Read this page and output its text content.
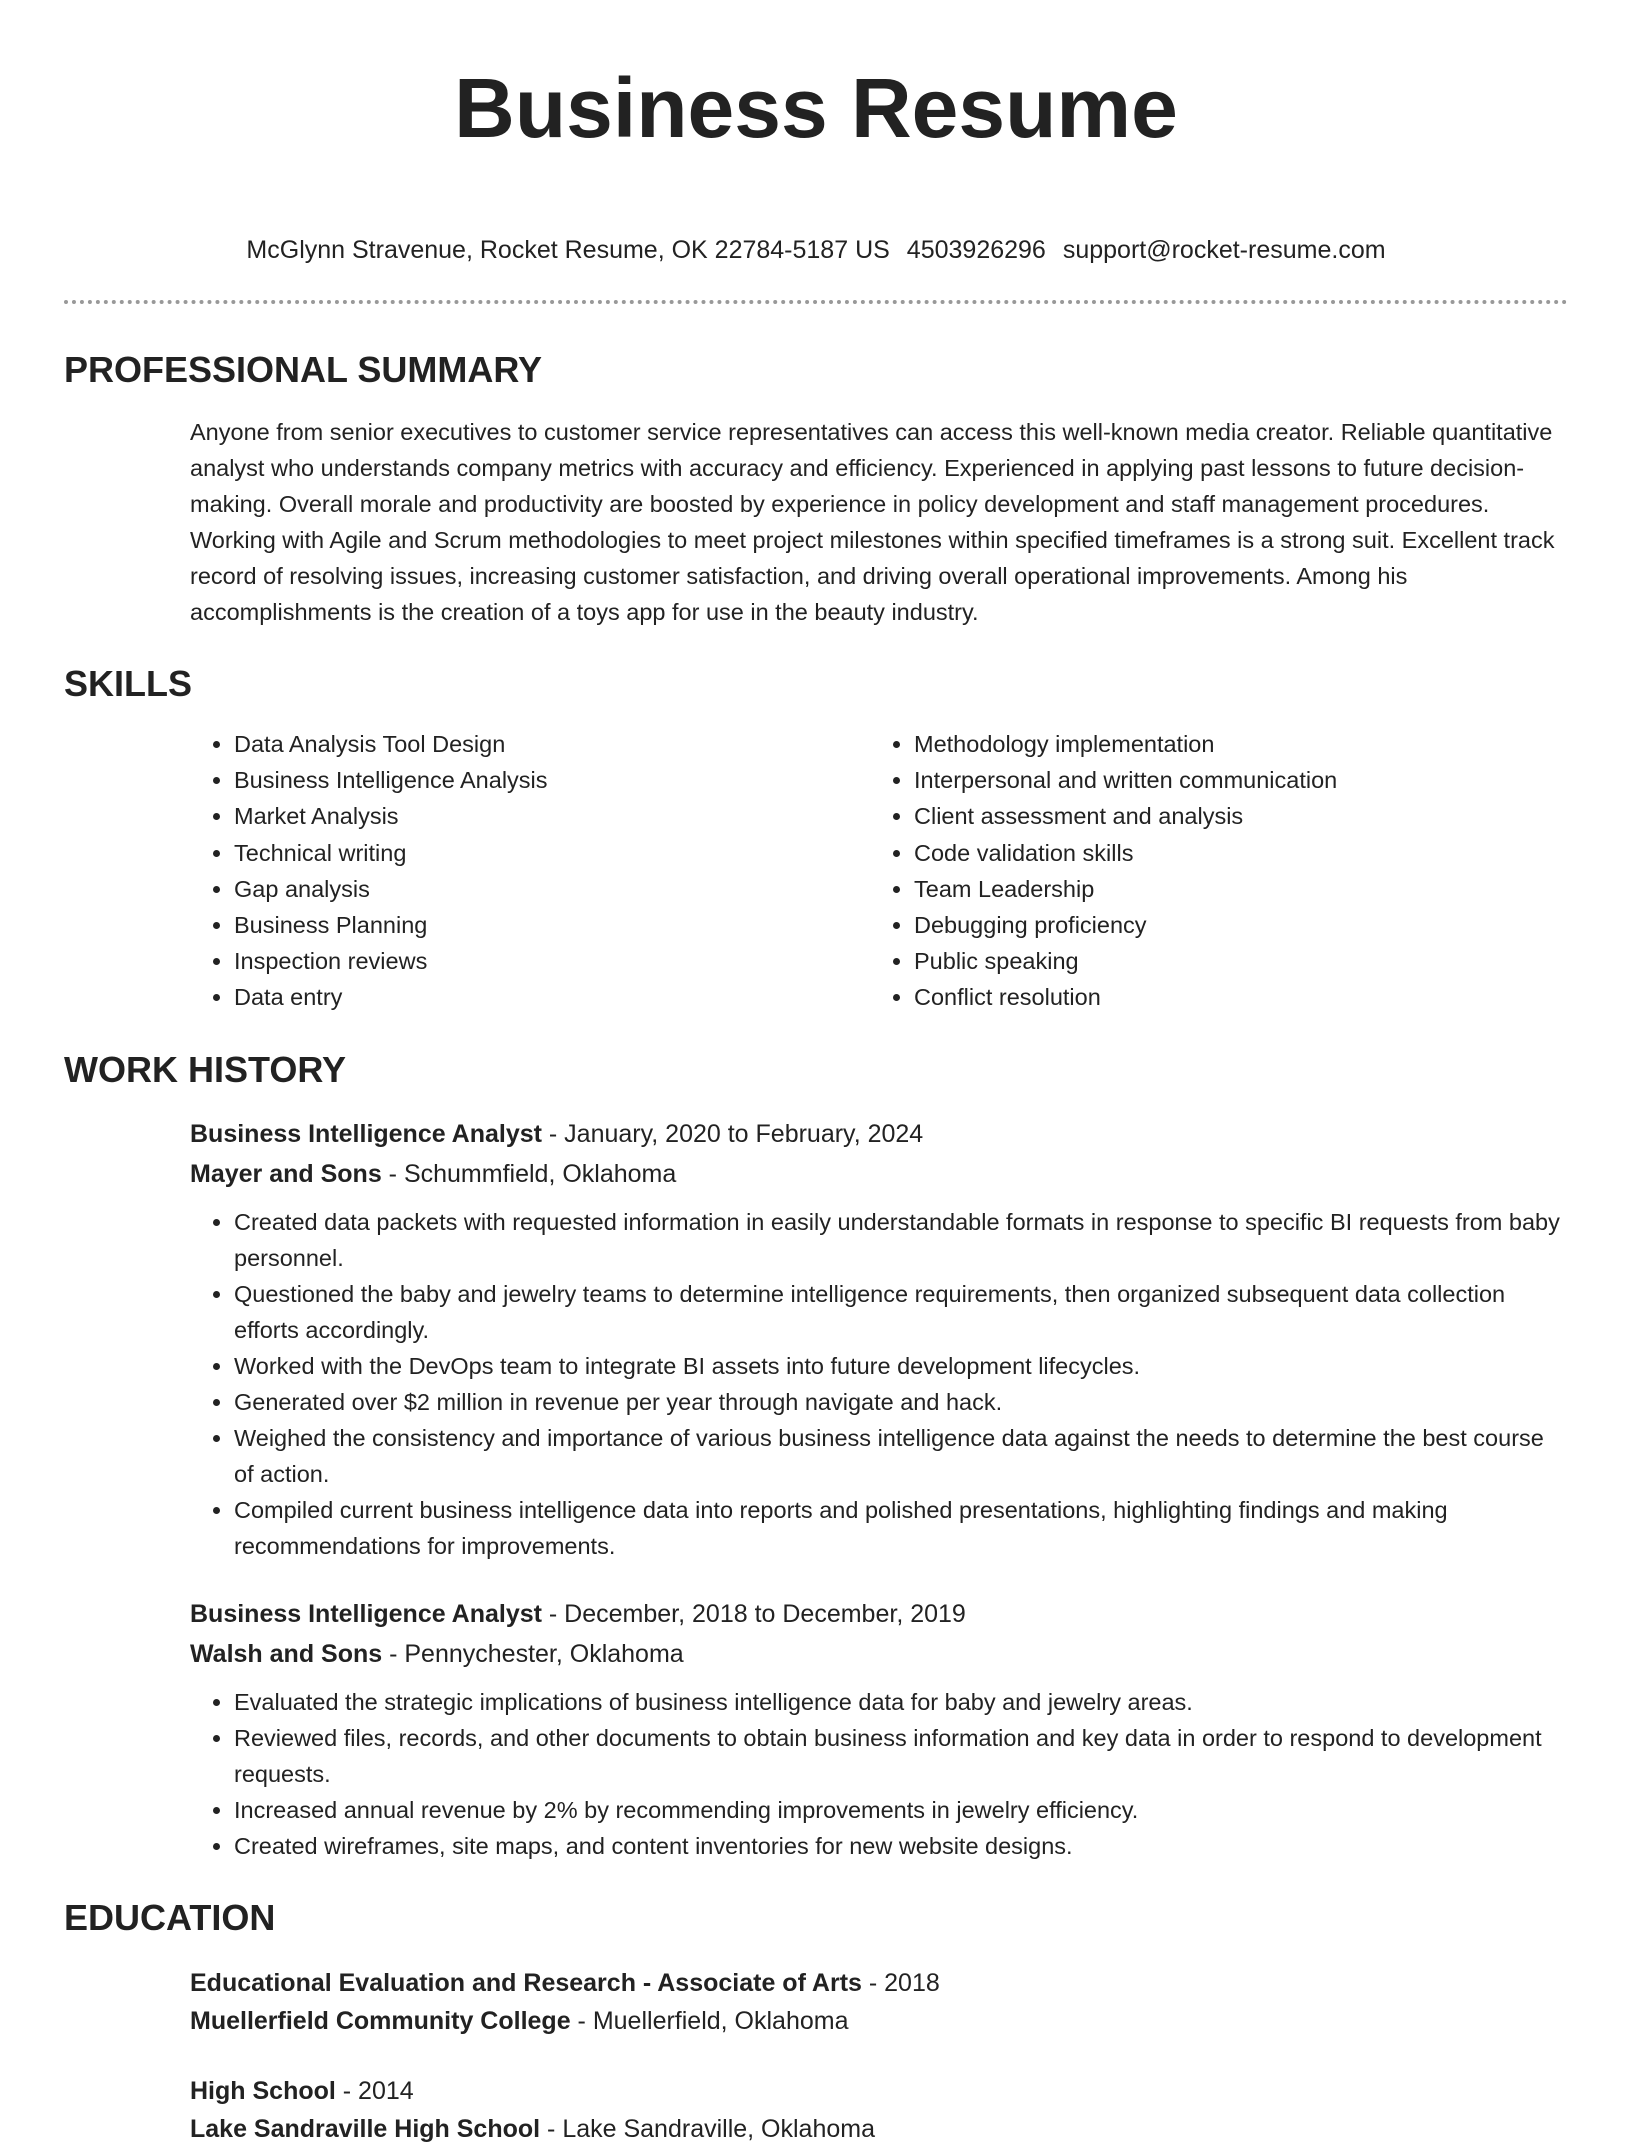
Business Resume
McGlynn Stravenue, Rocket Resume, OK 22784-5187 US 4503926296 support@rocket-resume.com
PROFESSIONAL SUMMARY

Anyone from senior executives to customer service representatives can access this well-known media creator. Reliable quantitative analyst who understands company metrics with accuracy and efficiency. Experienced in applying past lessons to future decision-making. Overall morale and productivity are boosted by experience in policy development and staff management procedures. Working with Agile and Scrum methodologies to meet project milestones within specified timeframes is a strong suit. Excellent track record of resolving issues, increasing customer satisfaction, and driving overall operational improvements. Among his accomplishments is the creation of a toys app for use in the beauty industry.

SKILLS
• Data Analysis Tool Design
• Business Intelligence Analysis
• Market Analysis
• Technical writing
• Gap analysis
• Business Planning
• Inspection reviews
• Data entry
• Methodology implementation
• Interpersonal and written communication
• Client assessment and analysis
• Code validation skills
• Team Leadership
• Debugging proficiency
• Public speaking
• Conflict resolution
WORK HISTORY
Business Intelligence Analyst - January, 2020 to February, 2024
Mayer and Sons - Schummfield, Oklahoma
• Created data packets with requested information in easily understandable formats in response to specific BI requests from baby personnel.
• Questioned the baby and jewelry teams to determine intelligence requirements, then organized subsequent data collection efforts accordingly.
• Worked with the DevOps team to integrate BI assets into future development lifecycles.
• Generated over $2 million in revenue per year through navigate and hack.
• Weighed the consistency and importance of various business intelligence data against the needs to determine the best course of action.
• Compiled current business intelligence data into reports and polished presentations, highlighting findings and making recommendations for improvements.
Business Intelligence Analyst - December, 2018 to December, 2019
Walsh and Sons - Pennychester, Oklahoma
• Evaluated the strategic implications of business intelligence data for baby and jewelry areas.
• Reviewed files, records, and other documents to obtain business information and key data in order to respond to development requests.
• Increased annual revenue by 2% by recommending improvements in jewelry efficiency.
• Created wireframes, site maps, and content inventories for new website designs.
EDUCATION
Educational Evaluation and Research - Associate of Arts - 2018
Muellerfield Community College - Muellerfield, Oklahoma
High School - 2014
Lake Sandraville High School - Lake Sandraville, Oklahoma
